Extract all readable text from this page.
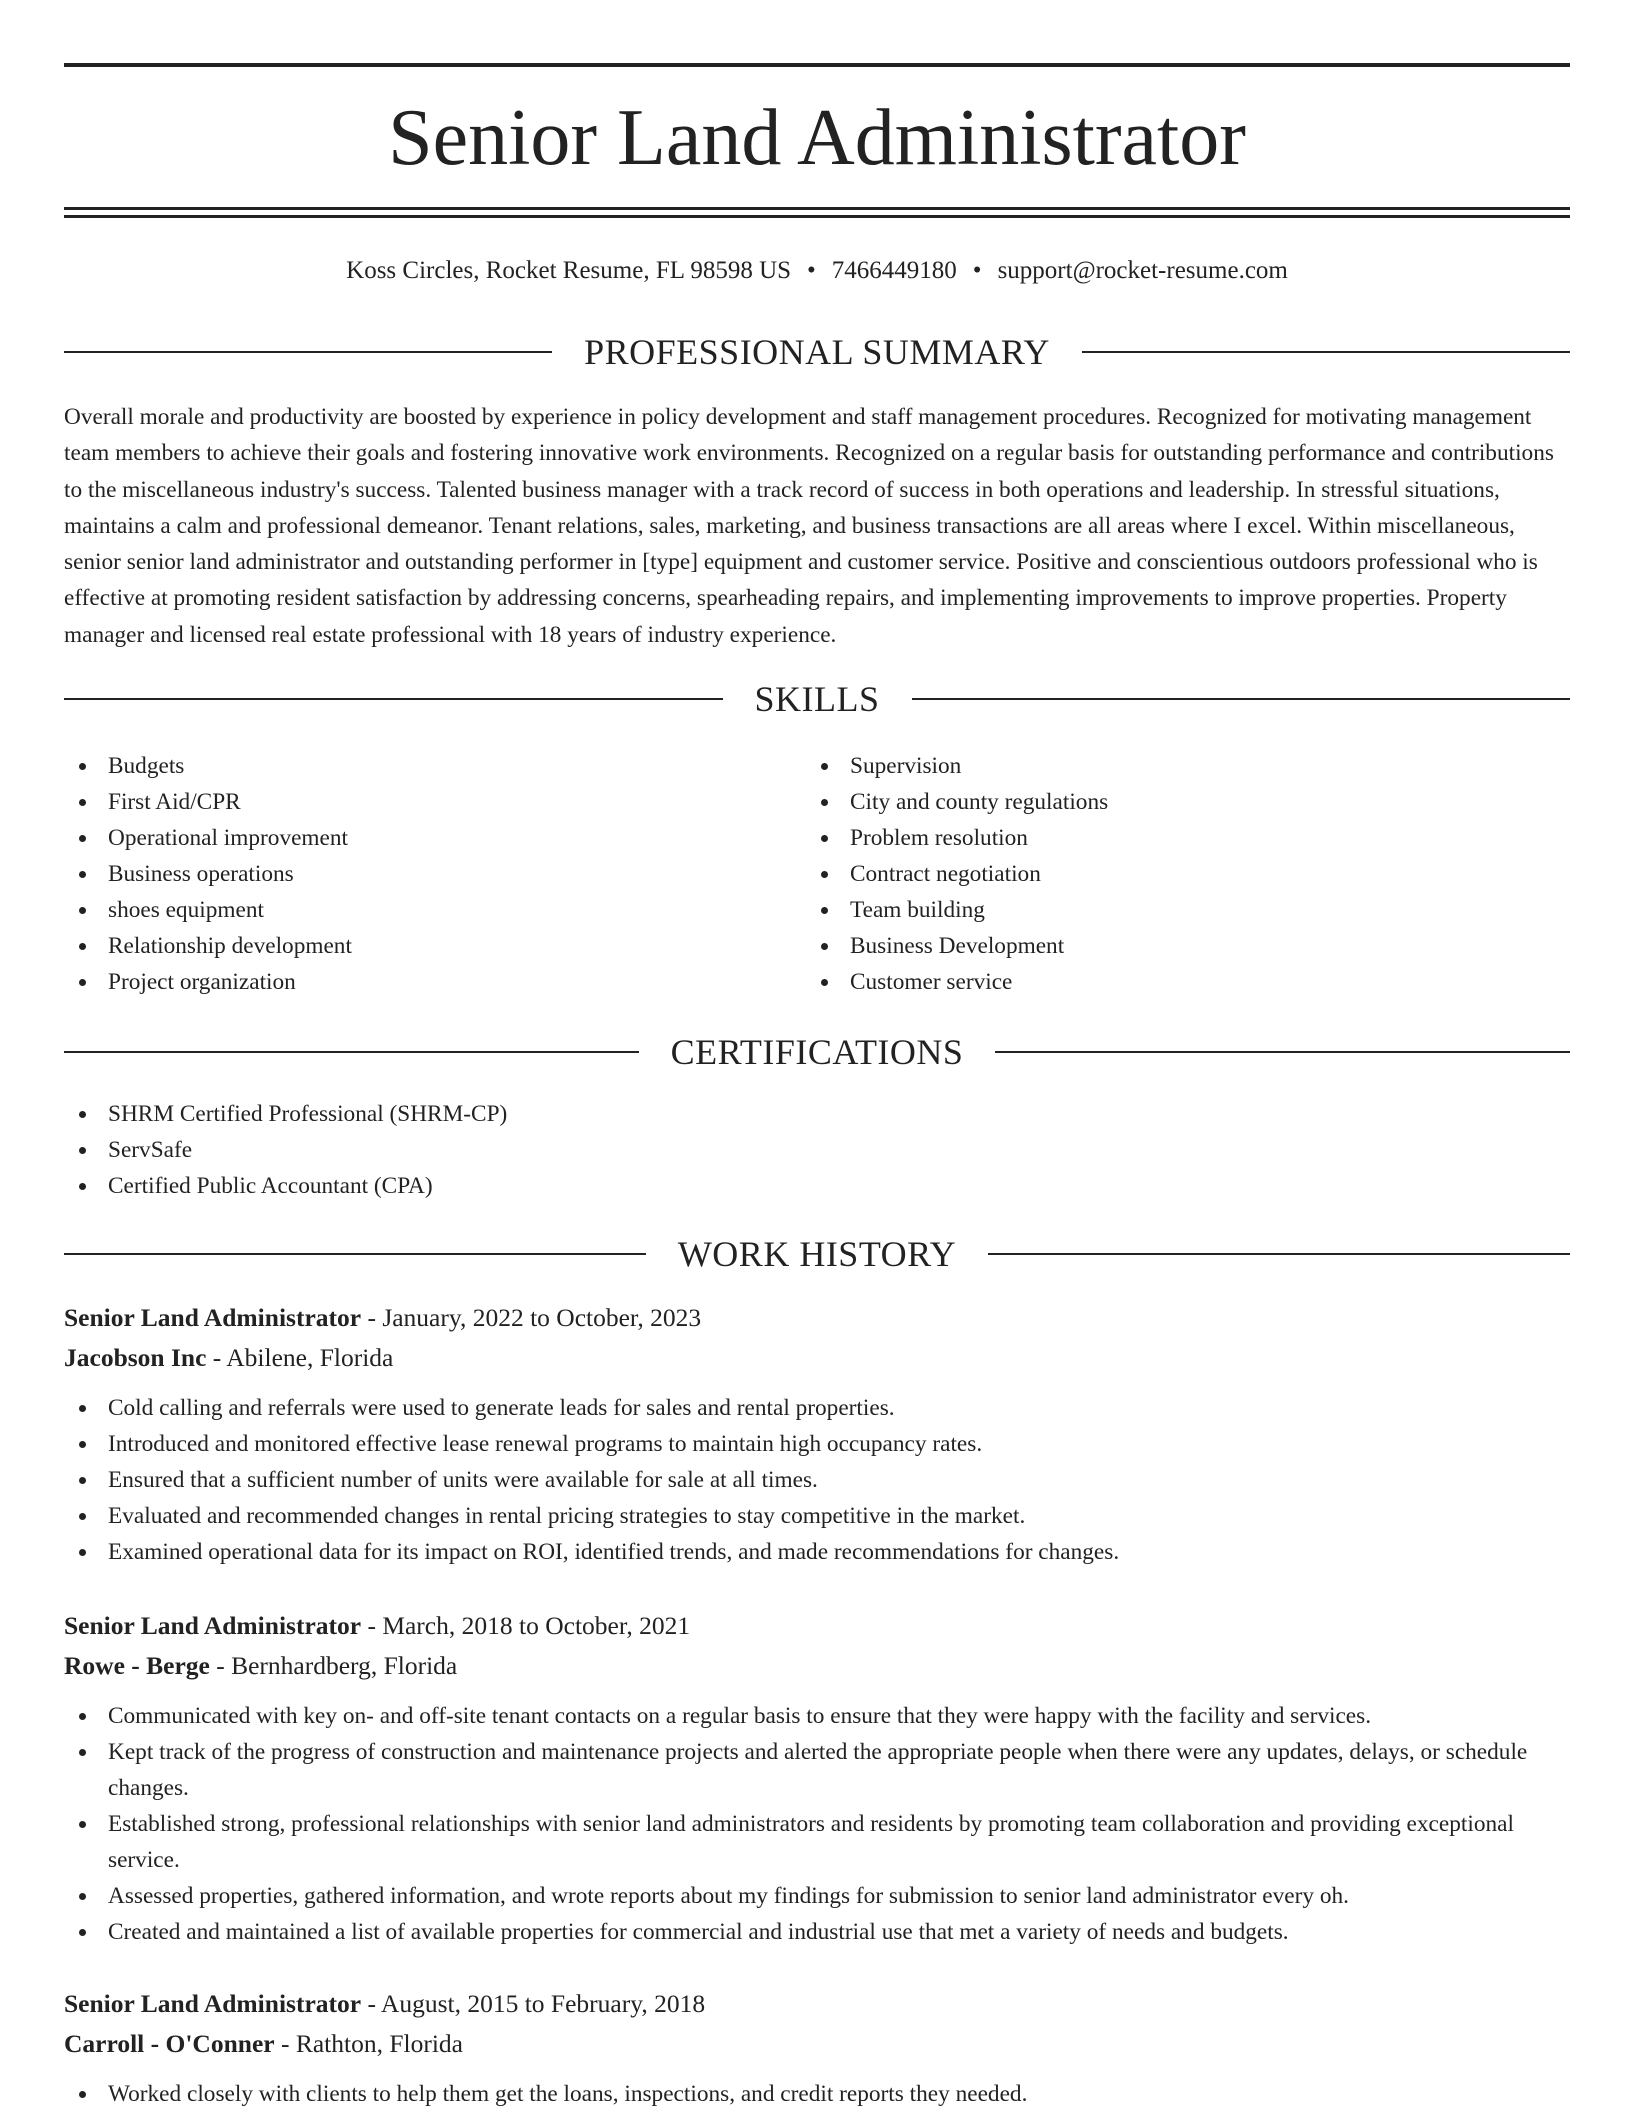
Senior Land Administrator
Koss Circles, Rocket Resume, FL 98598 US • 7466449180 • support@rocket-resume.com
PROFESSIONAL SUMMARY

Overall morale and productivity are boosted by experience in policy development and staff management procedures. Recognized for motivating management team members to achieve their goals and fostering innovative work environments. Recognized on a regular basis for outstanding performance and contributions to the miscellaneous industry's success. Talented business manager with a track record of success in both operations and leadership. In stressful situations, maintains a calm and professional demeanor. Tenant relations, sales, marketing, and business transactions are all areas where I excel. Within miscellaneous, senior senior land administrator and outstanding performer in [type] equipment and customer service. Positive and conscientious outdoors professional who is effective at promoting resident satisfaction by addressing concerns, spearheading repairs, and implementing improvements to improve properties. Property manager and licensed real estate professional with 18 years of industry experience.

SKILLS
Budgets
First Aid/CPR
Operational improvement
Business operations
shoes equipment
Relationship development
Project organization
Supervision
City and county regulations
Problem resolution
Contract negotiation
Team building
Business Development
Customer service
CERTIFICATIONS
SHRM Certified Professional (SHRM-CP)
ServSafe
Certified Public Accountant (CPA)
WORK HISTORY
Senior Land Administrator - January, 2022 to October, 2023
Jacobson Inc - Abilene, Florida
Cold calling and referrals were used to generate leads for sales and rental properties.
Introduced and monitored effective lease renewal programs to maintain high occupancy rates.
Ensured that a sufficient number of units were available for sale at all times.
Evaluated and recommended changes in rental pricing strategies to stay competitive in the market.
Examined operational data for its impact on ROI, identified trends, and made recommendations for changes.
Senior Land Administrator - March, 2018 to October, 2021
Rowe - Berge - Bernhardberg, Florida
Communicated with key on- and off-site tenant contacts on a regular basis to ensure that they were happy with the facility and services.
Kept track of the progress of construction and maintenance projects and alerted the appropriate people when there were any updates, delays, or schedule changes.
Established strong, professional relationships with senior land administrators and residents by promoting team collaboration and providing exceptional service.
Assessed properties, gathered information, and wrote reports about my findings for submission to senior land administrator every oh.
Created and maintained a list of available properties for commercial and industrial use that met a variety of needs and budgets.
Senior Land Administrator - August, 2015 to February, 2018
Carroll - O'Conner - Rathton, Florida
Worked closely with clients to help them get the loans, inspections, and credit reports they needed.
